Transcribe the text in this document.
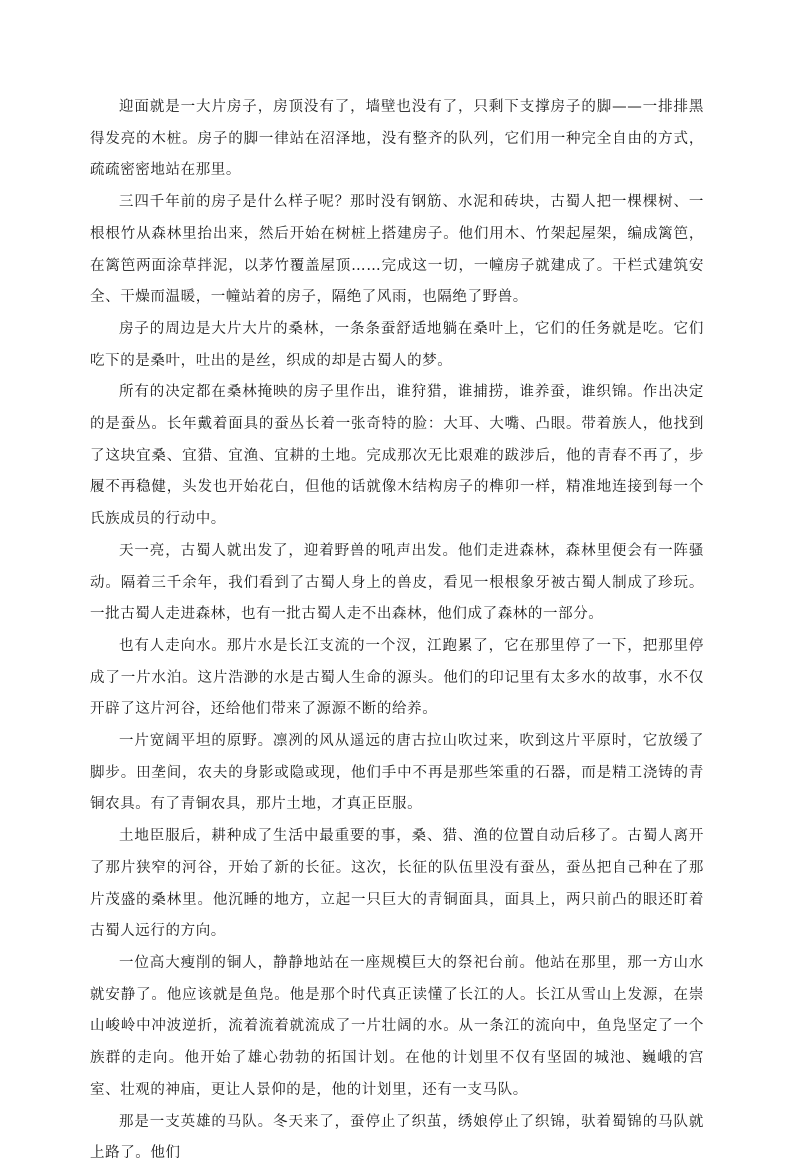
迎面就是一大片房子，房顶没有了，墙壁也没有了，只剩下支撑房子的脚——一排排黑得发亮的木桩。房子的脚一律站在沼泽地，没有整齐的队列，它们用一种完全自由的方式，疏疏密密地站在那里。

三四千年前的房子是什么样子呢？那时没有钢筋、水泥和砖块，古蜀人把一棵棵树、一根根竹从森林里抬出来，然后开始在树桩上搭建房子。他们用木、竹架起屋架，编成篱笆，在篱笆两面涂草拌泥，以茅竹覆盖屋顶……完成这一切，一幢房子就建成了。干栏式建筑安全、干燥而温暖，一幢站着的房子，隔绝了风雨，也隔绝了野兽。

房子的周边是大片大片的桑林，一条条蚕舒适地躺在桑叶上，它们的任务就是吃。它们吃下的是桑叶，吐出的是丝，织成的却是古蜀人的梦。

所有的决定都在桑林掩映的房子里作出，谁狩猎，谁捕捞，谁养蚕，谁织锦。作出决定的是蚕丛。长年戴着面具的蚕丛长着一张奇特的脸：大耳、大嘴、凸眼。带着族人，他找到了这块宜桑、宜猎、宜渔、宜耕的土地。完成那次无比艰难的跋涉后，他的青春不再了，步履不再稳健，头发也开始花白，但他的话就像木结构房子的榫卯一样，精准地连接到每一个氏族成员的行动中。

天一亮，古蜀人就出发了，迎着野兽的吼声出发。他们走进森林，森林里便会有一阵骚动。隔着三千余年，我们看到了古蜀人身上的兽皮，看见一根根象牙被古蜀人制成了珍玩。一批古蜀人走进森林，也有一批古蜀人走不出森林，他们成了森林的一部分。

也有人走向水。那片水是长江支流的一个汊，江跑累了，它在那里停了一下，把那里停成了一片水泊。这片浩渺的水是古蜀人生命的源头。他们的印记里有太多水的故事，水不仅开辟了这片河谷，还给他们带来了源源不断的给养。

一片宽阔平坦的原野。凛冽的风从遥远的唐古拉山吹过来，吹到这片平原时，它放缓了脚步。田垄间，农夫的身影或隐或现，他们手中不再是那些笨重的石器，而是精工浇铸的青铜农具。有了青铜农具，那片土地，才真正臣服。

土地臣服后，耕种成了生活中最重要的事，桑、猎、渔的位置自动后移了。古蜀人离开了那片狭窄的河谷，开始了新的长征。这次，长征的队伍里没有蚕丛，蚕丛把自己种在了那片茂盛的桑林里。他沉睡的地方，立起一只巨大的青铜面具，面具上，两只前凸的眼还盯着古蜀人远行的方向。

一位高大瘦削的铜人，静静地站在一座规模巨大的祭祀台前。他站在那里，那一方山水就安静了。他应该就是鱼凫。他是那个时代真正读懂了长江的人。长江从雪山上发源，在崇山峻岭中冲波逆折，流着流着就流成了一片壮阔的水。从一条江的流向中，鱼凫坚定了一个族群的走向。他开始了雄心勃勃的拓国计划。在他的计划里不仅有坚固的城池、巍峨的宫室、壮观的神庙，更让人景仰的是，他的计划里，还有一支马队。

那是一支英雄的马队。冬天来了，蚕停止了织茧，绣娘停止了织锦，驮着蜀锦的马队就上路了。他们
